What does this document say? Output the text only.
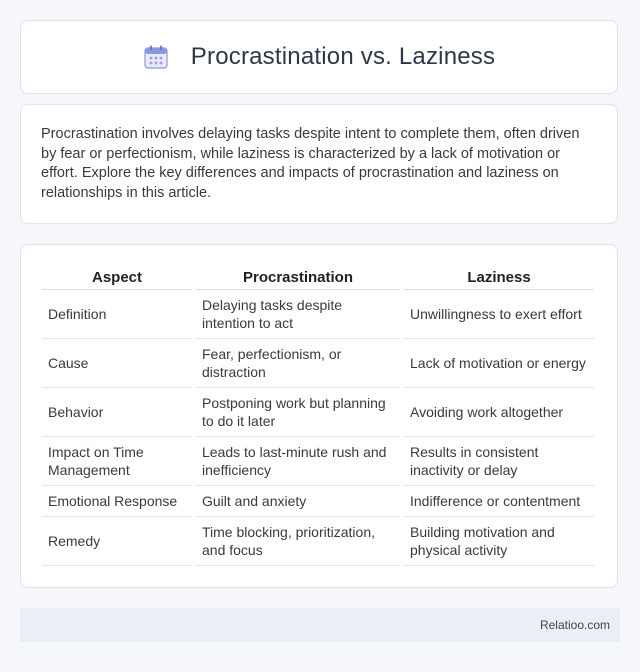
Procrastination vs. Laziness

Procrastination involves delaying tasks despite intent to complete them, often driven by fear or perfectionism, while laziness is characterized by a lack of motivation or effort. Explore the key differences and impacts of procrastination and laziness on relationships in this article.

Aspect	Procrastination	Laziness
Definition	Delaying tasks despite intention to act	Unwillingness to exert effort
Cause	Fear, perfectionism, or distraction	Lack of motivation or energy
Behavior	Postponing work but planning to do it later	Avoiding work altogether
Impact on Time Management	Leads to last-minute rush and inefficiency	Results in consistent inactivity or delay
Emotional Response	Guilt and anxiety	Indifference or contentment
Remedy	Time blocking, prioritization, and focus	Building motivation and physical activity
Relatioo.com
